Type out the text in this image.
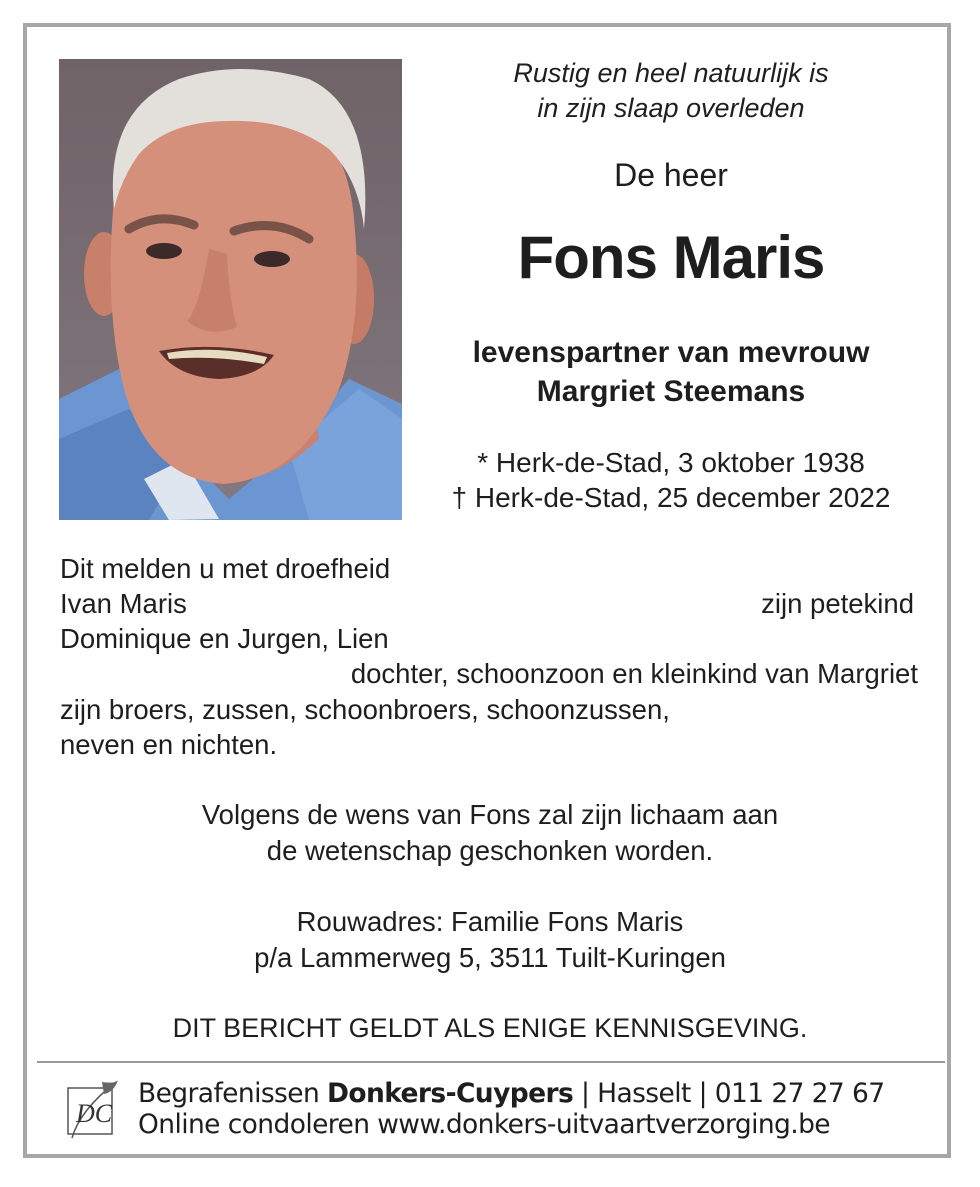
Rustig en heel natuurlijk is
in zijn slaap overleden
De heer
Fons Maris
levenspartner van mevrouw
Margriet Steemans
* Herk-de-Stad, 3 oktober 1938
† Herk-de-Stad, 25 december 2022
Dit melden u met droefheid
Ivan Maris	zijn petekind
Dominique en Jurgen, Lien
dochter, schoonzoon en kleinkind van Margriet
zijn broers, zussen, schoonbroers, schoonzussen,
neven en nichten.
Volgens de wens van Fons zal zijn lichaam aan
de wetenschap geschonken worden.
Rouwadres: Familie Fons Maris
p/a Lammerweg 5, 3511 Tuilt-Kuringen
DIT BERICHT GELDT ALS ENIGE KENNISGEVING.
DC
Begrafenissen Donkers-Cuypers | Hasselt | 011 27 27 67
Online condoleren www.donkers-uitvaartverzorging.be
